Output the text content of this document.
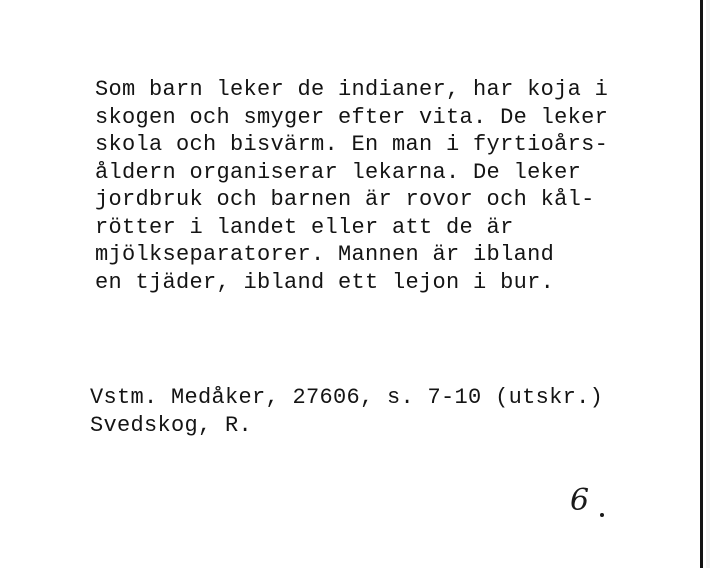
Som barn leker de indianer, har koja i
skogen och smyger efter vita. De leker
skola och bisvärm. En man i fyrtioårs-
åldern organiserar lekarna. De leker
jordbruk och barnen är rovor och kål-
rötter i landet eller att de är
mjölkseparatorer. Mannen är ibland
en tjäder, ibland ett lejon i bur.
Vstm. Medåker, 27606, s. 7-10 (utskr.)
Svedskog, R.
6
